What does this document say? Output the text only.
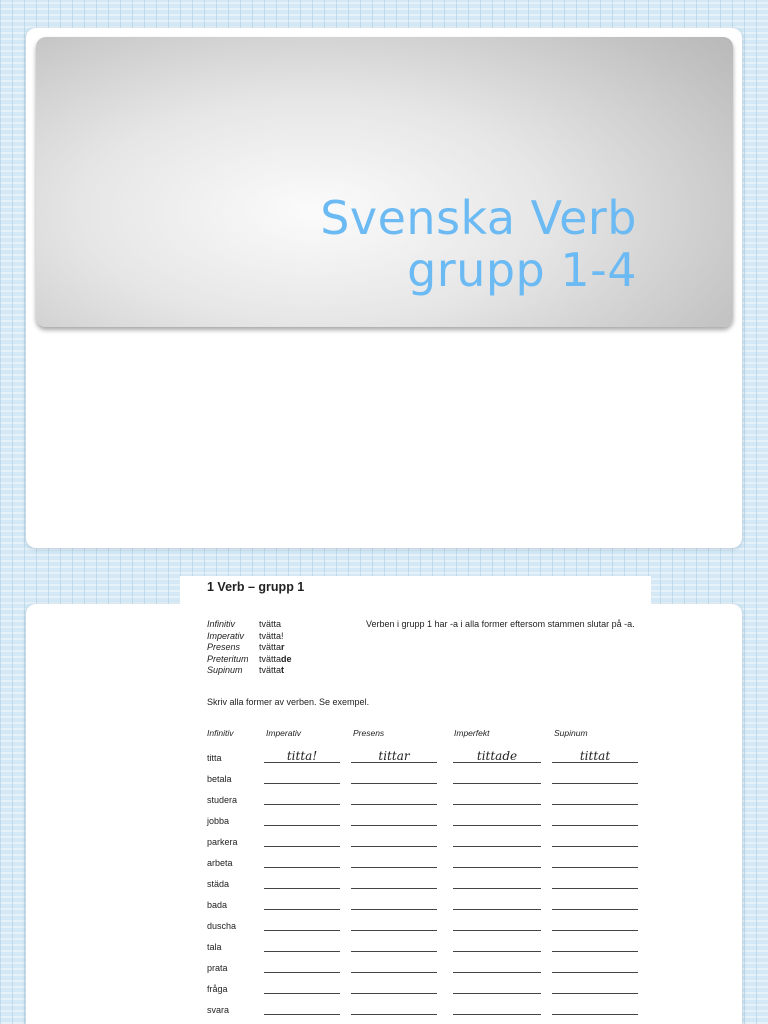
Svenska Verb
grupp 1-4
1 Verb – grupp 1
Infinitiv	tvätta
Imperativ	tvätta!
Presens	tvättar
Preteritum	tvättade
Supinum	tvättat
Verben i grupp 1 har -a i alla former eftersom stammen slutar på -a.
Skriv alla former av verben. Se exempel.
Infinitiv	Imperativ	Presens	Imperfekt	Supinum
titta	titta!	tittar	tittade	tittat
betala
studera
jobba
parkera
arbeta
städa
bada
duscha
tala
prata
fråga
svara
